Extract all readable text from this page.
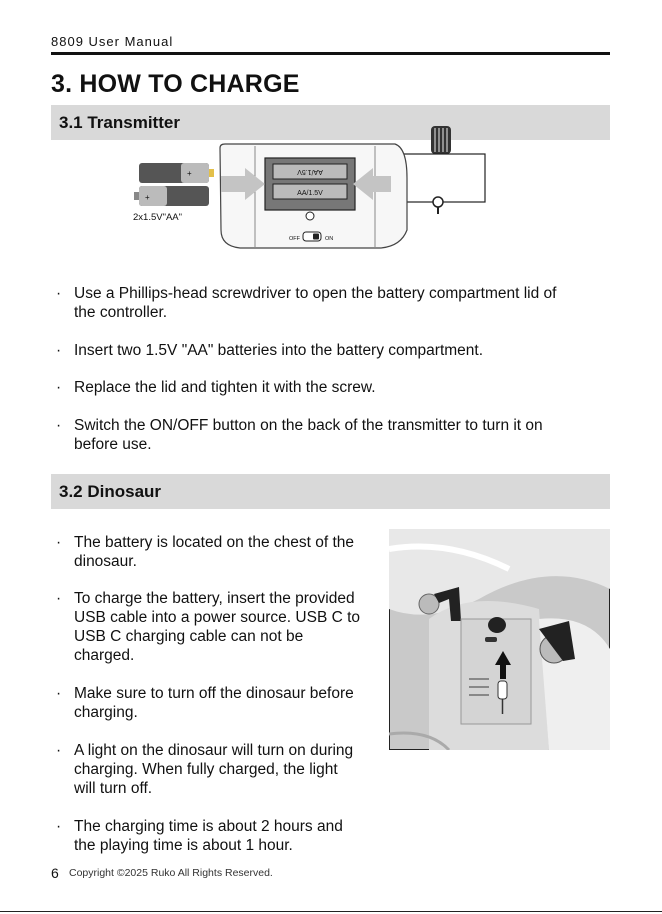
8809 User Manual
3. HOW TO CHARGE
3.1 Transmitter
AA/1.5V
AA/1.5V
OFF	ON
+
+
2x1.5V"AA"
· Use a Phillips-head screwdriver to open the battery compartment lid of
the controller.
· Insert two 1.5V "AA" batteries into the battery compartment.
· Replace the lid and tighten it with the screw.
· Switch the ON/OFF button on the back of the transmitter to turn it on
before use.
3.2 Dinosaur
· The battery is located on the chest of the
dinosaur.
· To charge the battery, insert the provided
USB cable into a power source. USB C to
USB C charging cable can not be
charged.
· Make sure to turn off the dinosaur before
charging.
· A light on the dinosaur will turn on during
charging. When fully charged, the light
will turn off.
· The charging time is about 2 hours and
the playing time is about 1 hour.
6 Copyright ©2025 Ruko All Rights Reserved.
